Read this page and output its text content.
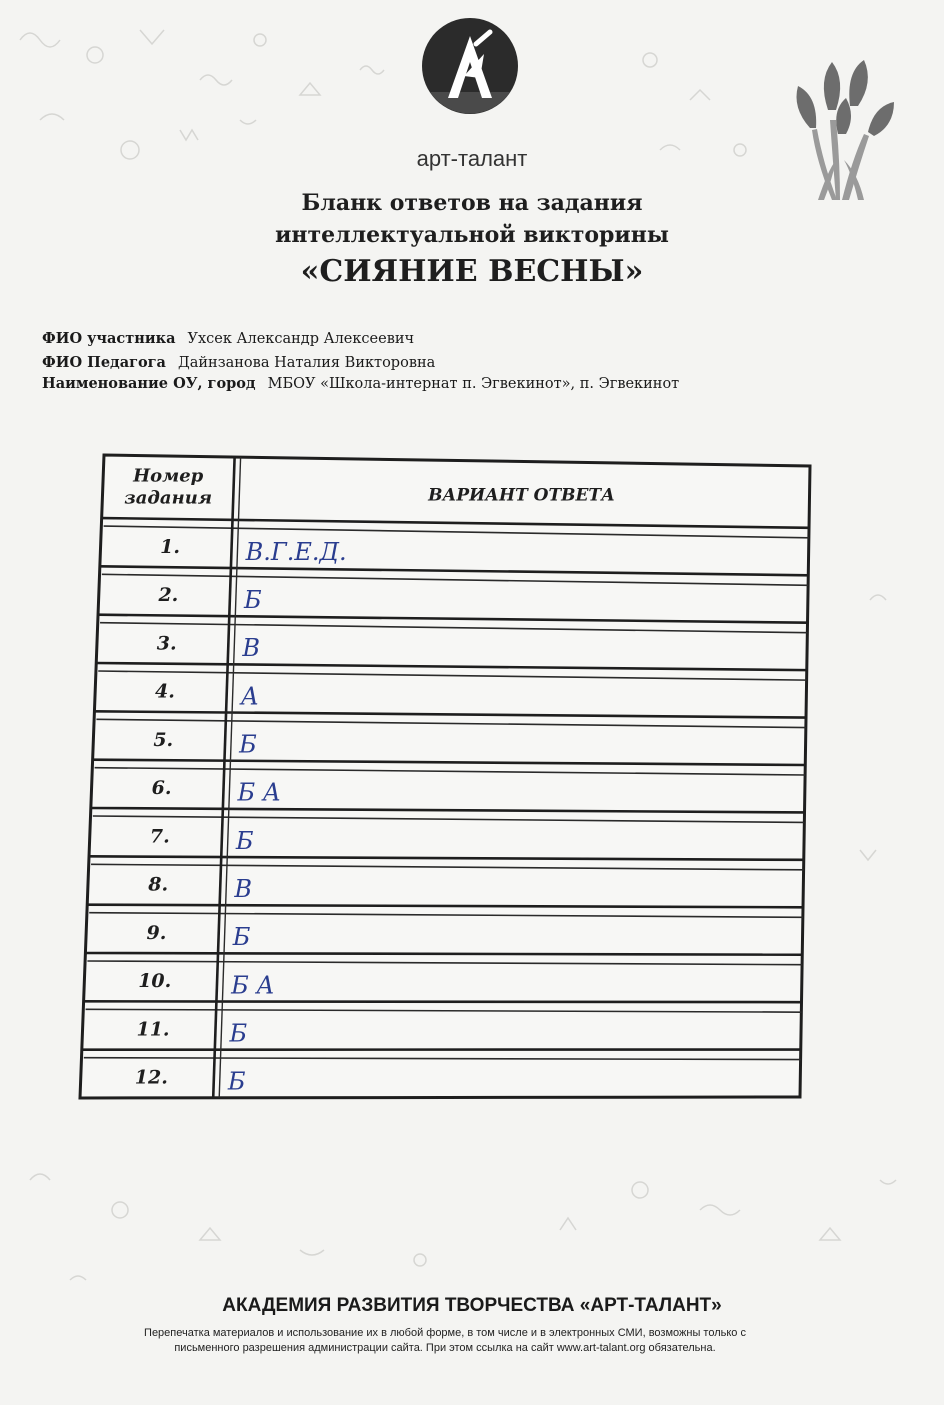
арт-талант
Бланк ответов на задания
интеллектуальной викторины
«СИЯНИЕ ВЕСНЫ»
ФИО участника Ухсек Александр Алексеевич
ФИО Педагога Дайнзанова Наталия Викторовна
Наименование ОУ, город МБОУ «Школа-интернат п. Эгвекинот», п. Эгвекинот
Номер
задания	ВАРИАНТ ОТВЕТА
1.	В.Г.Е.Д.
2.	Б
3.	В
4.	А
5.	Б
6.	Б А
7.	Б
8.	В
9.	Б
10. Б А
11. Б
12.	Б
АКАДЕМИЯ РАЗВИТИЯ ТВОРЧЕСТВА «АРТ-ТАЛАНТ»
Перепечатка материалов и использование их в любой форме, в том числе и в электронных СМИ, возможны только с
письменного разрешения администрации сайта. При этом ссылка на сайт www.art-talant.org обязательна.
